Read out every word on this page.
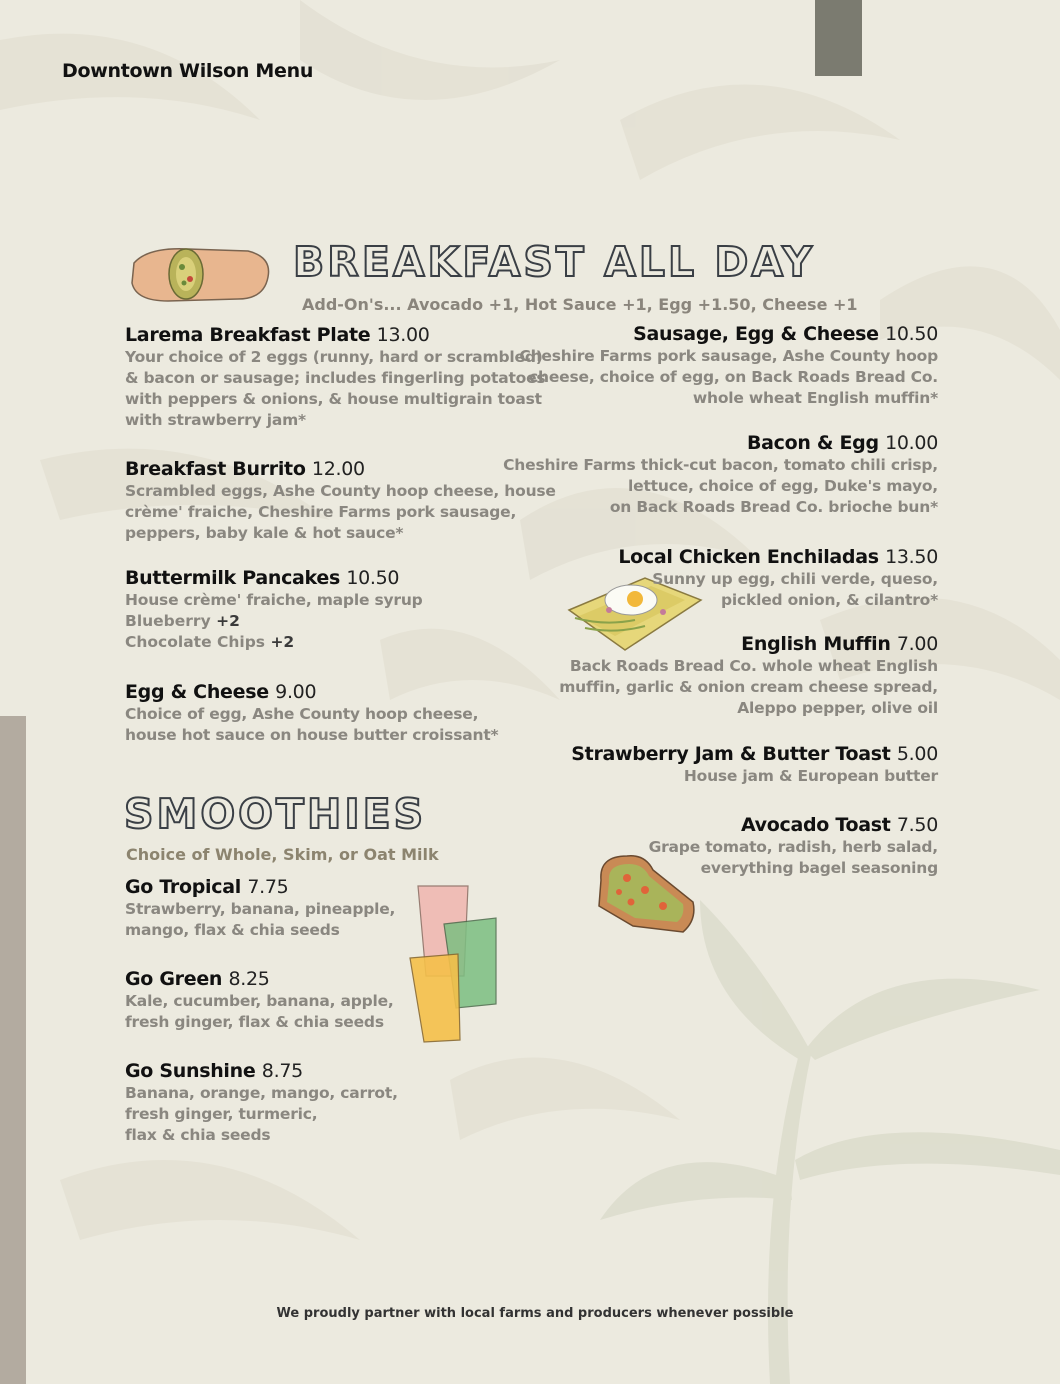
Downtown Wilson Menu
BREAKFAST ALL DAY
Add-On's... Avocado +1, Hot Sauce +1, Egg +1.50, Cheese +1
Larema Breakfast Plate 13.00
Your choice of 2 eggs (runny, hard or scrambled)
& bacon or sausage; includes fingerling potatoes
with peppers & onions, & house multigrain toast
with strawberry jam*
Breakfast Burrito 12.00
Scrambled eggs, Ashe County hoop cheese, house
crème' fraiche, Cheshire Farms pork sausage,
peppers, baby kale & hot sauce*
Buttermilk Pancakes 10.50
House crème' fraiche, maple syrup
Blueberry +2
Chocolate Chips +2
Egg & Cheese 9.00
Choice of egg, Ashe County hoop cheese,
house hot sauce on house butter croissant*
Sausage, Egg & Cheese 10.50
Cheshire Farms pork sausage, Ashe County hoop
cheese, choice of egg, on Back Roads Bread Co.
whole wheat English muffin*
Bacon & Egg 10.00
Cheshire Farms thick-cut bacon, tomato chili crisp,
lettuce, choice of egg, Duke's mayo,
on Back Roads Bread Co. brioche bun*
Local Chicken Enchiladas 13.50
Sunny up egg, chili verde, queso,
pickled onion, & cilantro*
English Muffin 7.00
Back Roads Bread Co. whole wheat English
muffin, garlic & onion cream cheese spread,
Aleppo pepper, olive oil
Strawberry Jam & Butter Toast 5.00
House jam & European butter
Avocado Toast 7.50
Grape tomato, radish, herb salad,
everything bagel seasoning
SMOOTHIES
Choice of Whole, Skim, or Oat Milk
Go Tropical 7.75
Strawberry, banana, pineapple,
mango, flax & chia seeds
Go Green 8.25
Kale, cucumber, banana, apple,
fresh ginger, flax & chia seeds
Go Sunshine 8.75
Banana, orange, mango, carrot,
fresh ginger, turmeric,
flax & chia seeds
We proudly partner with local farms and producers whenever possible
